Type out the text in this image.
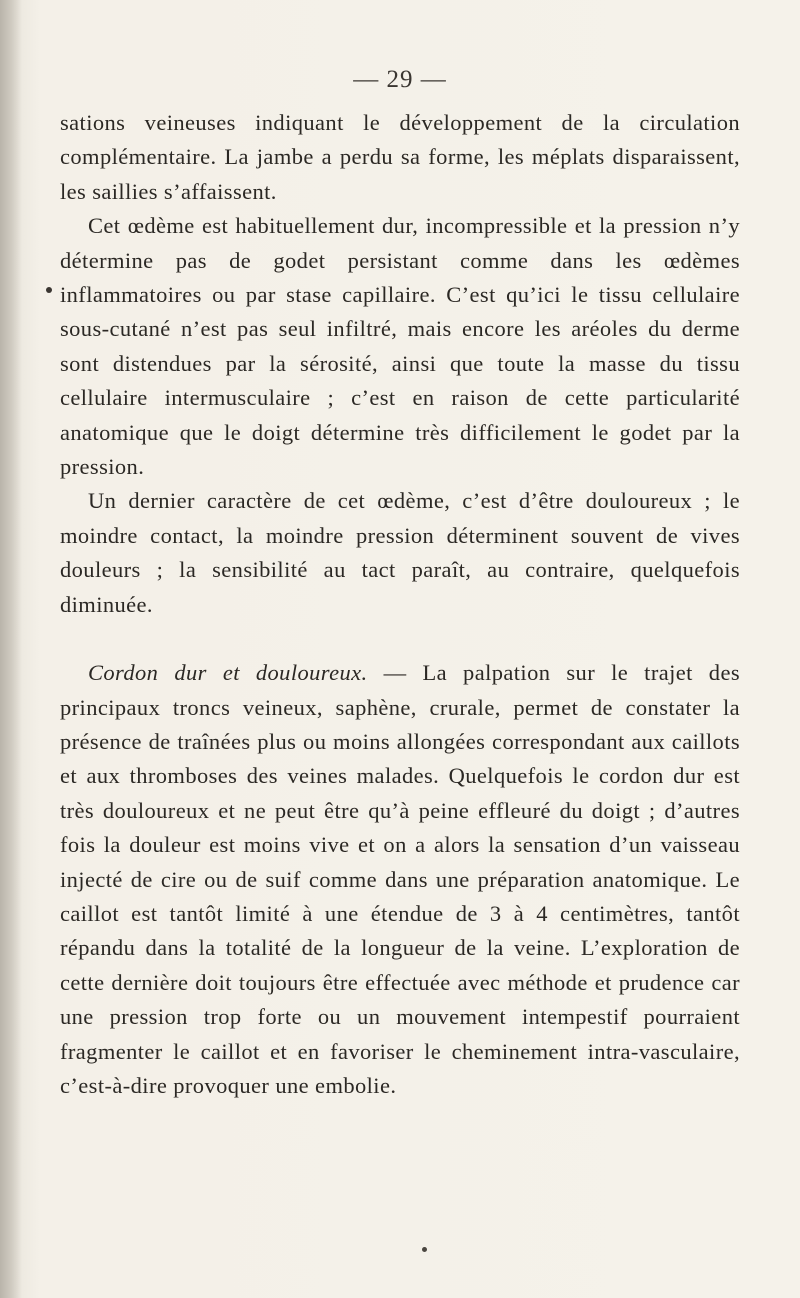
— 29 —

sations veineuses indiquant le développement de la circulation complémentaire. La jambe a perdu sa forme, les méplats disparaissent, les saillies s’affaissent.

Cet œdème est habituellement dur, incompressible et la pression n’y détermine pas de godet persistant comme dans les œdèmes inflammatoires ou par stase capillaire. C’est qu’ici le tissu cellulaire sous-cutané n’est pas seul infiltré, mais encore les aréoles du derme sont distendues par la sérosité, ainsi que toute la masse du tissu cellulaire intermusculaire ; c’est en raison de cette particularité anatomique que le doigt détermine très difficilement le godet par la pression.

Un dernier caractère de cet œdème, c’est d’être douloureux ; le moindre contact, la moindre pression déterminent souvent de vives douleurs ; la sensibilité au tact paraît, au contraire, quelquefois diminuée.

Cordon dur et douloureux. — La palpation sur le trajet des principaux troncs veineux, saphène, crurale, permet de constater la présence de traînées plus ou moins allongées correspondant aux caillots et aux thromboses des veines malades. Quelquefois le cordon dur est très douloureux et ne peut être qu’à peine effleuré du doigt ; d’autres fois la douleur est moins vive et on a alors la sensation d’un vaisseau injecté de cire ou de suif comme dans une préparation anatomique. Le caillot est tantôt limité à une étendue de 3 à 4 centimètres, tantôt répandu dans la totalité de la longueur de la veine. L’exploration de cette dernière doit toujours être effectuée avec méthode et prudence car une pression trop forte ou un mouvement intempestif pourraient fragmenter le caillot et en favoriser le cheminement intra-vasculaire, c’est-à-dire provoquer une embolie.
